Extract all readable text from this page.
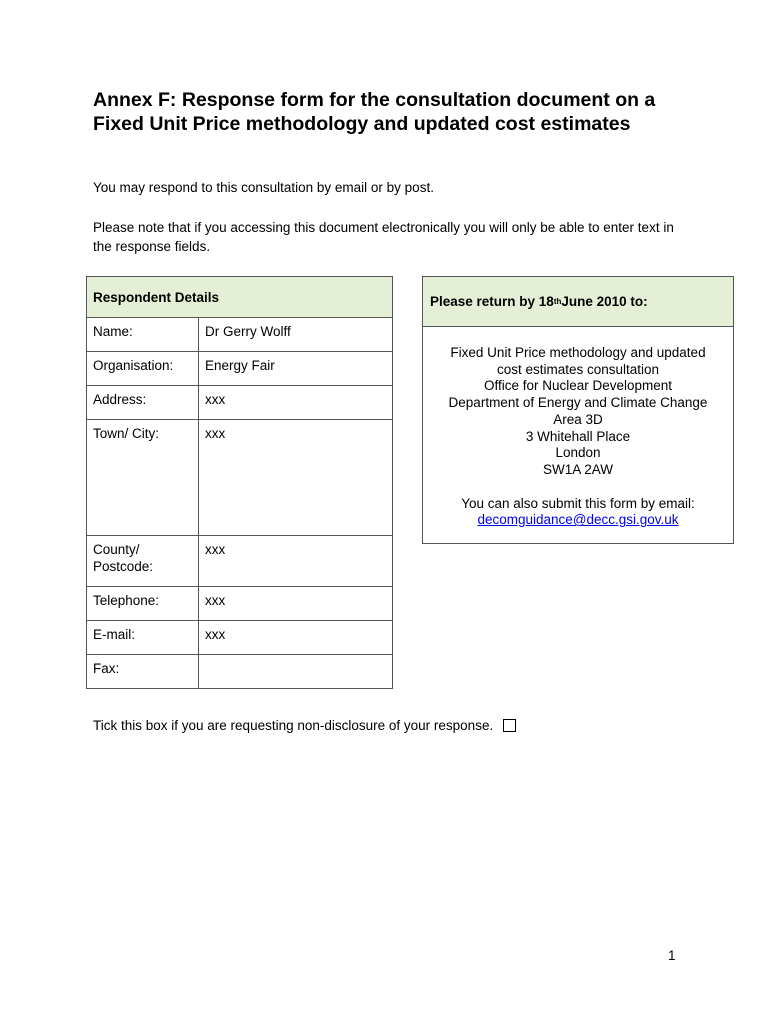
Annex F: Response form for the consultation document on a Fixed Unit Price methodology and updated cost estimates

You may respond to this consultation by email or by post.

Please note that if you accessing this document electronically you will only be able to enter text in the response fields.

Respondent Details	
Name:	Dr Gerry Wolff
Organisation:	Energy Fair
Address:	xxx
Town/ City:	xxx
County/ Postcode:	xxx
Telephone:	xxx
E-mail:	xxx
Fax:	
Please return by 18 th June 2010 to:
Fixed Unit Price methodology and updated
cost estimates consultation
Office for Nuclear Development
Department of Energy and Climate Change
Area 3D
3 Whitehall Place
London
SW1A 2AW
You can also submit this form by email:
decomguidance@decc.gsi.gov.uk
Tick this box if you are requesting non-disclosure of your response.
1
